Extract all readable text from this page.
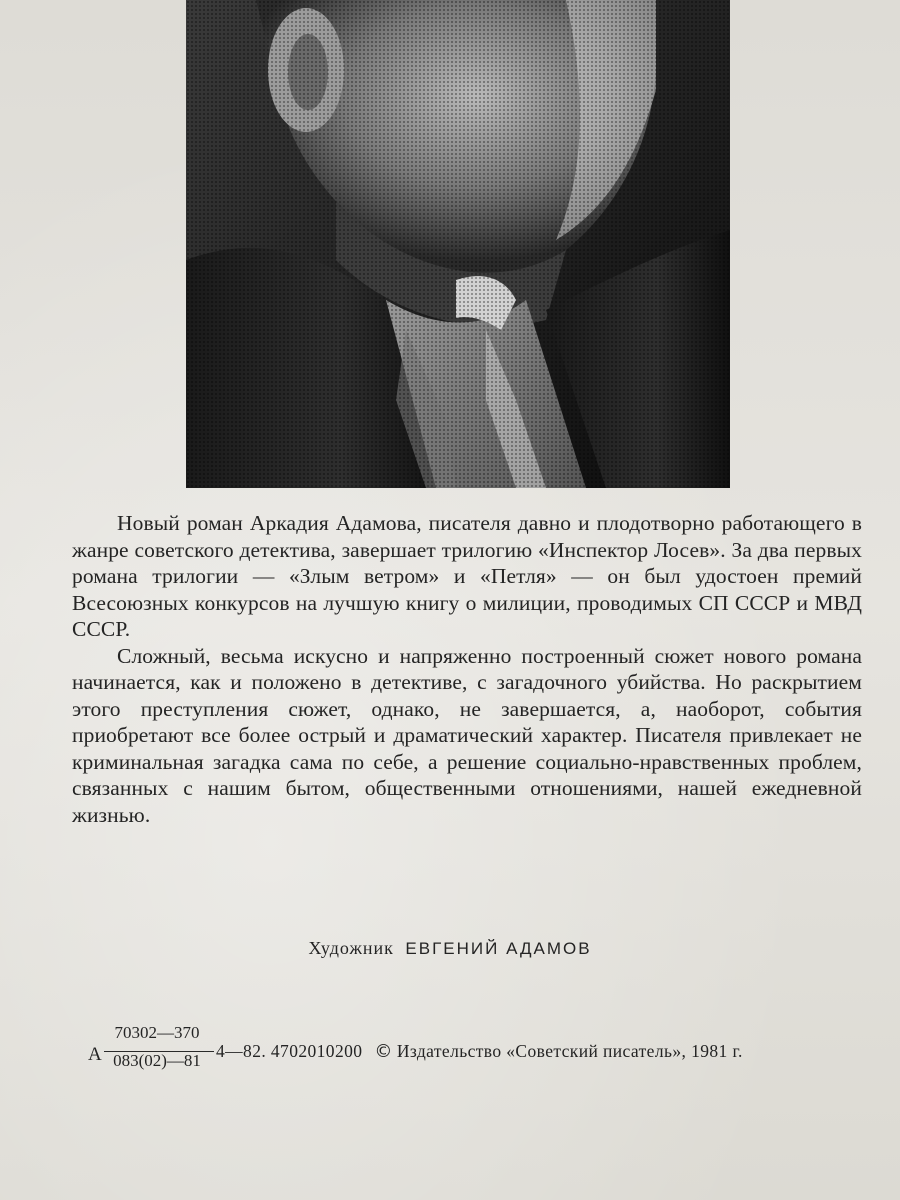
Новый роман Аркадия Адамова, писателя давно и плодотворно работающего в жанре советского детектива, завершает трилогию «Инспектор Лосев». За два первых романа трилогии — «Злым ветром» и «Петля» — он был удостоен премий Всесоюзных конкурсов на лучшую книгу о милиции, проводимых СП СССР и МВД СССР.

Сложный, весьма искусно и напряженно построенный сюжет нового романа начинается, как и положено в детективе, с загадочного убийства. Но раскрытием этого преступления сюжет, однако, не завершается, а, наоборот, события приобретают все более острый и драматический характер. Писателя привлекает не криминальная загадка сама по себе, а решение социально-нравственных проблем, связанных с нашим бытом, общественными отношениями, нашей ежедневной жизнью.

Художник ЕВГЕНИЙ АДАМОВ
А
70302—370
083(02)—81 4—82. 4702010200 © Издательство «Советский писатель», 1981 г.
